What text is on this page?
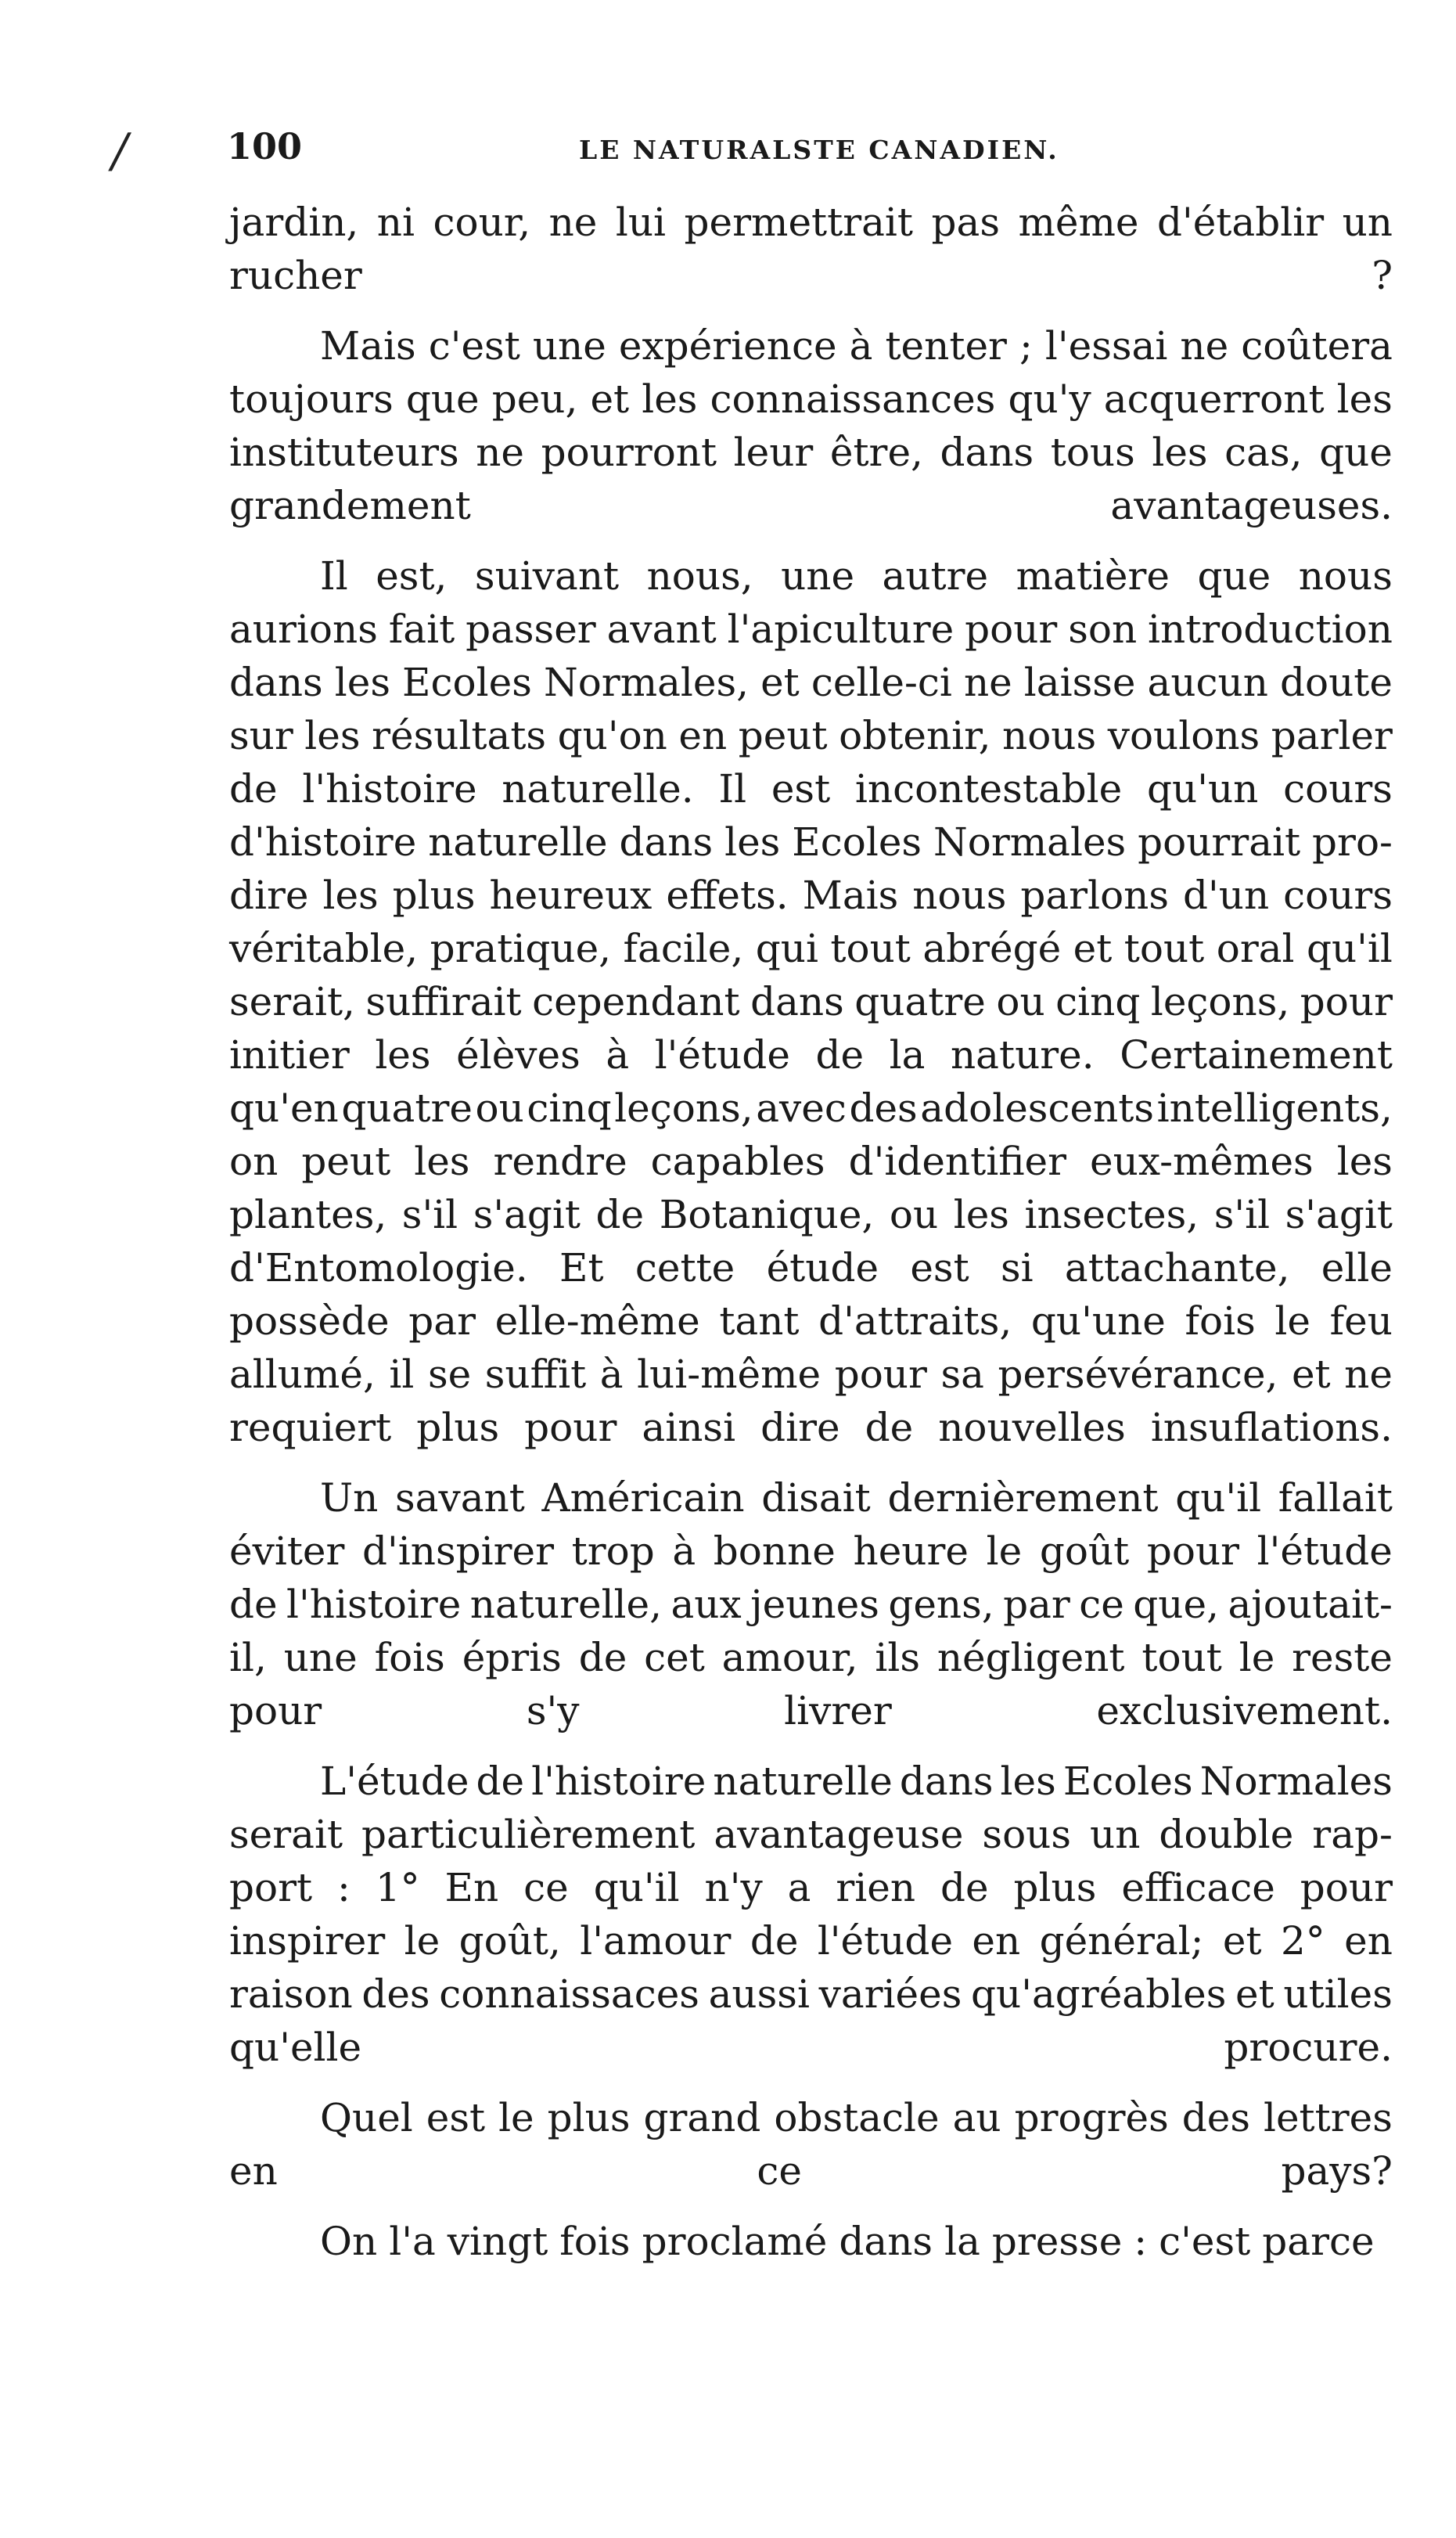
/	100	LE NATURALSTE CANADIEN.
jardin, ni cour, ne lui permettrait pas même d'établir un
rucher	?
Mais c'est une expérience à tenter ; l'essai ne coûtera
toujours que peu, et les connaissances qu'y acquerront les
instituteurs ne pourront leur être, dans tous les cas, que
grandement	avantageuses.
Il est, suivant nous, une autre matière que nous
aurions fait passer avant l'apiculture pour son introduction
dans les Ecoles Normales, et celle-ci ne laisse aucun doute
sur les résultats qu'on en peut obtenir, nous voulons parler
de l'histoire naturelle. Il est incontestable qu'un cours
d'histoire naturelle dans les Ecoles Normales pourrait pro-
dire les plus heureux effets. Mais nous parlons d'un cours
véritable, pratique, facile, qui tout abrégé et tout oral qu'il
serait, suffirait cependant dans quatre ou cinq leçons, pour
initier les élèves à l'étude de la nature. Certainement
qu'en quatre ou cinq leçons, avec des adolescents intelligents,
on peut les rendre capables d'identifier eux-mêmes les
plantes, s'il s'agit de Botanique, ou les insectes, s'il s'agit
d'Entomologie. Et cette étude est si attachante, elle
possède par elle-même tant d'attraits, qu'une fois le feu
allumé, il se suffit à lui-même pour sa persévérance, et ne
requiert plus pour ainsi dire de nouvelles insuflations.
Un savant Américain disait dernièrement qu'il fallait
éviter d'inspirer trop à bonne heure le goût pour l'étude
de l'histoire naturelle, aux jeunes gens, par ce que, ajoutait-
il, une fois épris de cet amour, ils négligent tout le reste
pour	s'y	livrer	exclusivement.
L'étude de l'histoire naturelle dans les Ecoles Normales
serait particulièrement avantageuse sous un double rap-
port : 1° En ce qu'il n'y a rien de plus efficace pour
inspirer le goût, l'amour de l'étude en général; et 2° en
raison des connaissaces aussi variées qu'agréables et utiles
qu'elle	procure.
Quel est le plus grand obstacle au progrès des lettres
en	ce	pays?
On l'a vingt fois proclamé dans la presse : c'est parce
